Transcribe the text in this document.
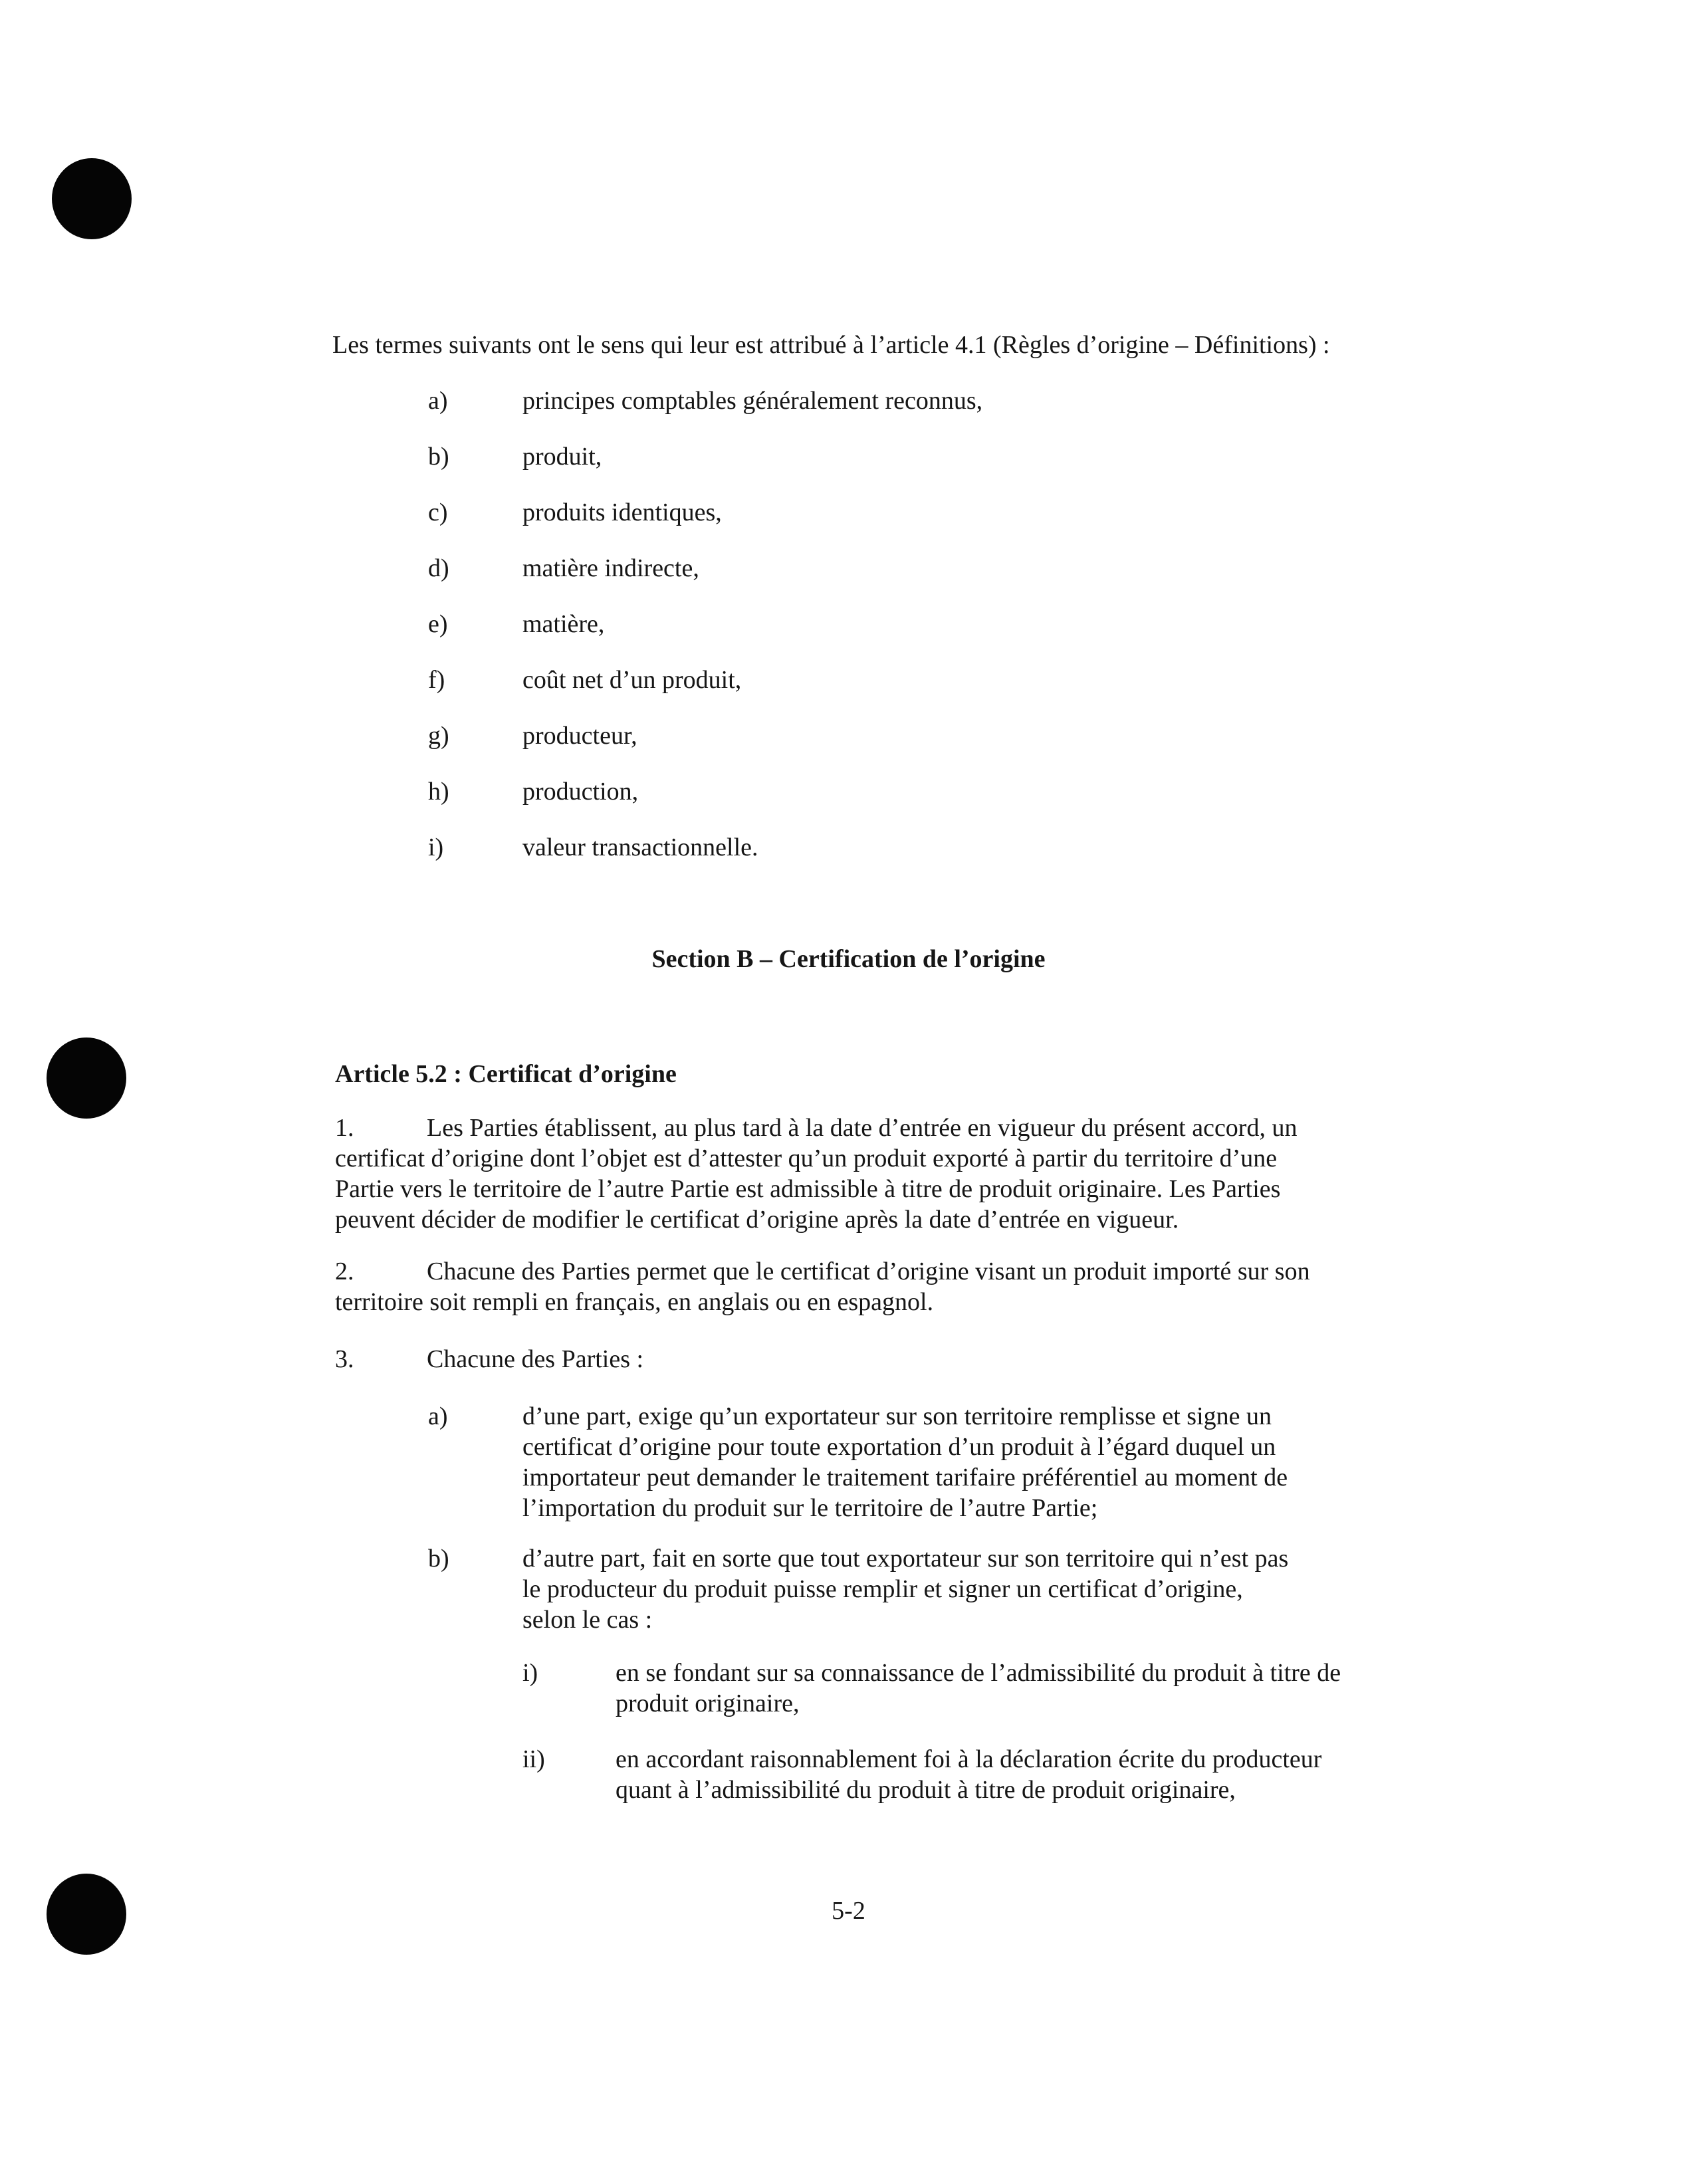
Les termes suivants ont le sens qui leur est attribué à l’article 4.1 (Règles d’origine – Définitions) :
a)	principes comptables généralement reconnus,
b)	produit,
c)	produits identiques,
d)	matière indirecte,
e)	matière,
f)	coût net d’un produit,
g)	producteur,
h)	production,
i)	valeur transactionnelle.
Section B – Certification de l’origine
Article 5.2 : Certificat d’origine
1.	Les Parties établissent, au plus tard à la date d’entrée en vigueur du présent accord, un
certificat d’origine dont l’objet est d’attester qu’un produit exporté à partir du territoire d’une
Partie vers le territoire de l’autre Partie est admissible à titre de produit originaire. Les Parties
peuvent décider de modifier le certificat d’origine après la date d’entrée en vigueur.
2.	Chacune des Parties permet que le certificat d’origine visant un produit importé sur son
territoire soit rempli en français, en anglais ou en espagnol.
3.	Chacune des Parties :
a)	d’une part, exige qu’un exportateur sur son territoire remplisse et signe un
certificat d’origine pour toute exportation d’un produit à l’égard duquel un
importateur peut demander le traitement tarifaire préférentiel au moment de
l’importation du produit sur le territoire de l’autre Partie;
b)	d’autre part, fait en sorte que tout exportateur sur son territoire qui n’est pas
le producteur du produit puisse remplir et signer un certificat d’origine,
selon le cas :
i)	en se fondant sur sa connaissance de l’admissibilité du produit à titre de
produit originaire,
ii)	en accordant raisonnablement foi à la déclaration écrite du producteur
quant à l’admissibilité du produit à titre de produit originaire,
5-2
